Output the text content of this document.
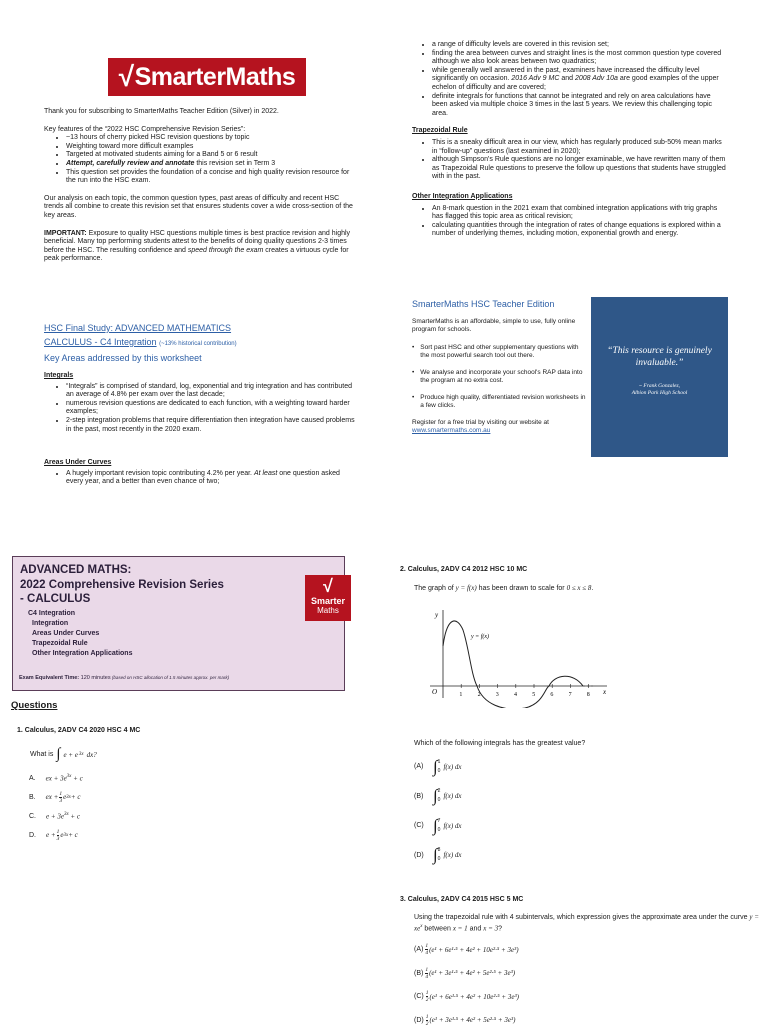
√ SmarterMaths

Thank you for subscribing to SmarterMaths Teacher Edition (Silver) in 2022.

Key features of the “2022 HSC Comprehensive Revision Series”:

• ~13 hours of cherry picked HSC revision questions by topic
• Weighting toward more difficult examples
• Targeted at motivated students aiming for a Band 5 or 6 result
• Attempt, carefully review and annotate this revision set in Term 3
• This question set provides the foundation of a concise and high quality revision resource for the run into the HSC exam.

Our analysis on each topic, the common question types, past areas of difficulty and recent HSC trends all combine to create this revision set that ensures students cover a wide cross-section of the key areas.

IMPORTANT: Exposure to quality HSC questions multiple times is best practice revision and highly beneficial. Many top performing students attest to the benefits of doing quality questions 2-3 times before the HSC. The resulting confidence and speed through the exam creates a virtuous cycle for peak performance.

HSC Final Study: ADVANCED MATHEMATICS
CALCULUS - C4 Integration (~13% historical contribution)
Key Areas addressed by this worksheet
Integrals
• “Integrals” is comprised of standard, log, exponential and trig integration and has contributed an average of 4.8% per exam over the last decade;
• numerous revision questions are dedicated to each function, with a weighting toward harder examples;
• 2-step integration problems that require differentiation then integration have caused problems in the past, most recently in the 2020 exam.
Areas Under Curves
• A hugely important revision topic contributing 4.2% per year. At least one question asked every year, and a better than even chance of two;
• a range of difficulty levels are covered in this revision set;
• finding the area between curves and straight lines is the most common question type covered although we also look areas between two quadratics;
• while generally well answered in the past, examiners have increased the difficulty level significantly on occasion. 2016 Adv 9 MC and 2008 Adv 10a are good examples of the upper echelon of difficulty and are covered;
• definite integrals for functions that cannot be integrated and rely on area calculations have been asked via multiple choice 3 times in the last 5 years. We review this challenging topic area.
Trapezoidal Rule
• This is a sneaky difficult area in our view, which has regularly produced sub-50% mean marks in “follow-up” questions (last examined in 2020);
• although Simpson's Rule questions are no longer examinable, we have rewritten many of them as Trapezoidal Rule questions to preserve the follow up questions that students have struggled with in the past.
Other Integration Applications
• An 8-mark question in the 2021 exam that combined integration applications with trig graphs has flagged this topic area as critical revision;
• calculating quantities through the integration of rates of change equations is explored within a number of underlying themes, including motion, exponential growth and energy.
SmarterMaths HSC Teacher Edition
SmarterMaths is an affordable, simple to use, fully online program for schools.
• Sort past HSC and other supplementary questions with the most powerful search tool out there.
• We analyse and incorporate your school's RAP data into the program at no extra cost.
• Produce high quality, differentiated revision worksheets in a few clicks.
Register for a free trial by visiting our website at
www.smartermaths.com.au
“This resource is genuinely invaluable.”
~ Frank Gonzalez,
Albion Park High School
ADVANCED MATHS:
2022 Comprehensive Revision Series
- CALCULUS
C4 Integration
Integration
Areas Under Curves
Trapezoidal Rule
Other Integration Applications
Exam Equivalent Time: 120 minutes (based on HSC allocation of 1.5 minutes approx. per mark)
√
Smarter
Maths
Questions
1. Calculus, 2ADV C4 2020 HSC 4 MC
What is ∫ e + e 3x dx?
A. ex + $3e^{3x} + c$
B. ex + $\frac{1}{3}$ e 3x + c
C. $e + 3e^{3x} + c$
D. $e + \frac{1}{3}$ e 3x + c
2. Calculus, 2ADV C4 2012 HSC 10 MC
The graph of y = f(x) has been drawn to scale for 0 ≤ x ≤ 8.
y
x
O
y = f(x)
1	2	3	4	5	6	7	8
Which of the following integrals has the greatest value?
(A) ∫ 1
0 f(x) dx
(B) ∫ 2
0 f(x) dx
(C) ∫ 7
0 f(x) dx
(D) ∫ 8
0 f(x) dx
3. Calculus, 2ADV C4 2015 HSC 5 MC
Using the trapezoidal rule with 4 subintervals, which expression gives the approximate area under the curve $y = xe^x$ between x = 1 and x = 3?
(A) 1
4 (e¹ + 6e¹·⁵ + 4e² + 10e²·⁵ + 3e³)
(B) 1
4 (e¹ + 3e¹·⁵ + 4e² + 5e²·⁵ + 3e³)
(C) 1
2 (e¹ + 6e¹·⁵ + 4e² + 10e²·⁵ + 3e³)
(D) 1
2 (e¹ + 3e¹·⁵ + 4e² + 5e²·⁵ + 3e³)
